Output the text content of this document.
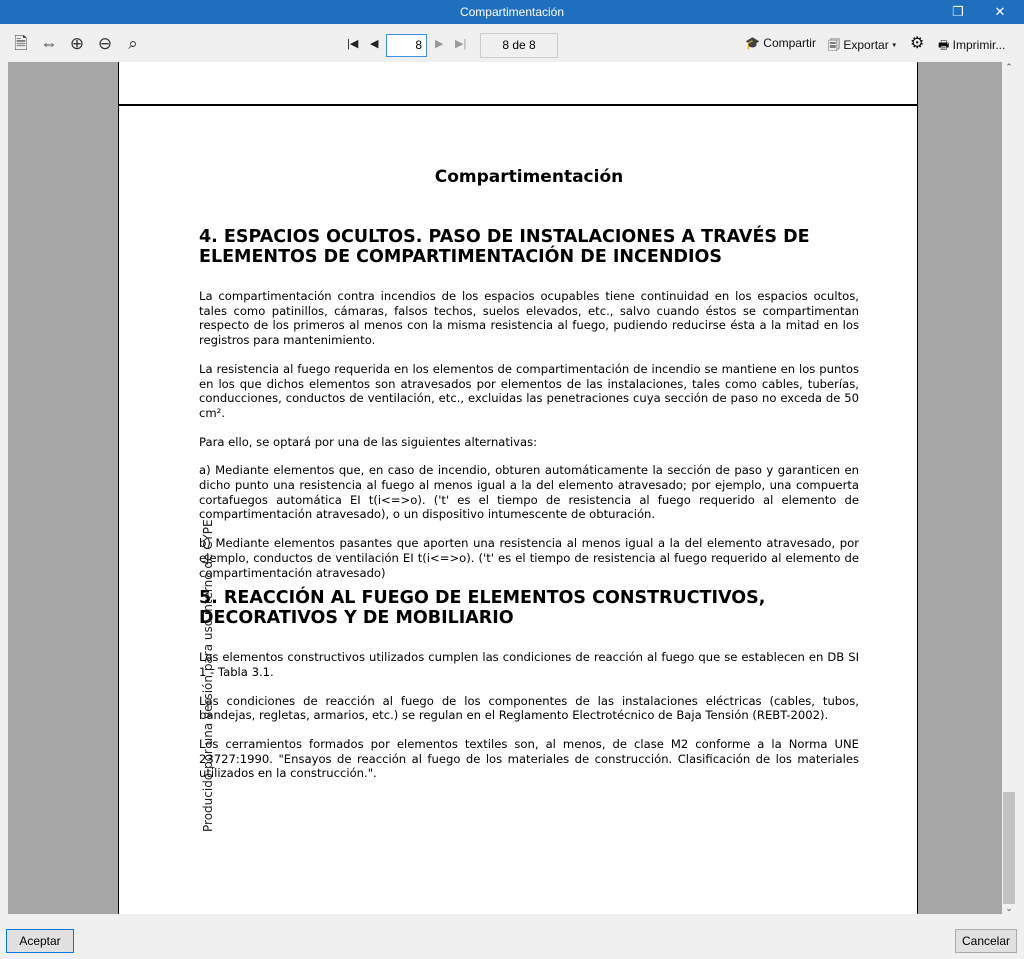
Compartimentación	❐	✕
🗎 ⇔ ⊕ ⊖ ⌕	|◀ ◀	8	▶ ▶|	8 de 8	🎓 Compartir 🗐 Exportar ▾ ⚙ 🖶 Imprimir...
Compartimentación
4. ESPACIOS OCULTOS. PASO DE INSTALACIONES A TRAVÉS DE ELEMENTOS DE COMPARTIMENTACIÓN DE INCENDIOS

La compartimentación contra incendios de los espacios ocupables tiene continuidad en los espacios ocultos, tales como patinillos, cámaras, falsos techos, suelos elevados, etc., salvo cuando éstos se compartimentan respecto de los primeros al menos con la misma resistencia al fuego, pudiendo reducirse ésta a la mitad en los registros para mantenimiento.

La resistencia al fuego requerida en los elementos de compartimentación de incendio se mantiene en los puntos en los que dichos elementos son atravesados por elementos de las instalaciones, tales como cables, tuberías, conducciones, conductos de ventilación, etc., excluidas las penetraciones cuya sección de paso no exceda de 50 cm².

Para ello, se optará por una de las siguientes alternativas:

a) Mediante elementos que, en caso de incendio, obturen automáticamente la sección de paso y garanticen en dicho punto una resistencia al fuego al menos igual a la del elemento atravesado; por ejemplo, una compuerta cortafuegos automática EI t(i<=>o). ('t' es el tiempo de resistencia al fuego requerido al elemento de compartimentación atravesado), o un dispositivo intumescente de obturación.

b) Mediante elementos pasantes que aporten una resistencia al menos igual a la del elemento atravesado, por ejemplo, conductos de ventilación EI t(i<=>o). ('t' es el tiempo de resistencia al fuego requerido al elemento de compartimentación atravesado)

5. REACCIÓN AL FUEGO DE ELEMENTOS CONSTRUCTIVOS, DECORATIVOS Y DE MOBILIARIO

Los elementos constructivos utilizados cumplen las condiciones de reacción al fuego que se establecen en DB SI 1 - Tabla 3.1.

Las condiciones de reacción al fuego de los componentes de las instalaciones eléctricas (cables, tubos, bandejas, regletas, armarios, etc.) se regulan en el Reglamento Electrotécnico de Baja Tensión (REBT-2002).

Los cerramientos formados por elementos textiles son, al menos, de clase M2 conforme a la Norma UNE 23727:1990. "Ensayos de reacción al fuego de los materiales de construcción. Clasificación de los materiales utilizados en la construcción.".

Producido por una versión para uso interno de CYPE
⌃
⌄
Aceptar	Cancelar
